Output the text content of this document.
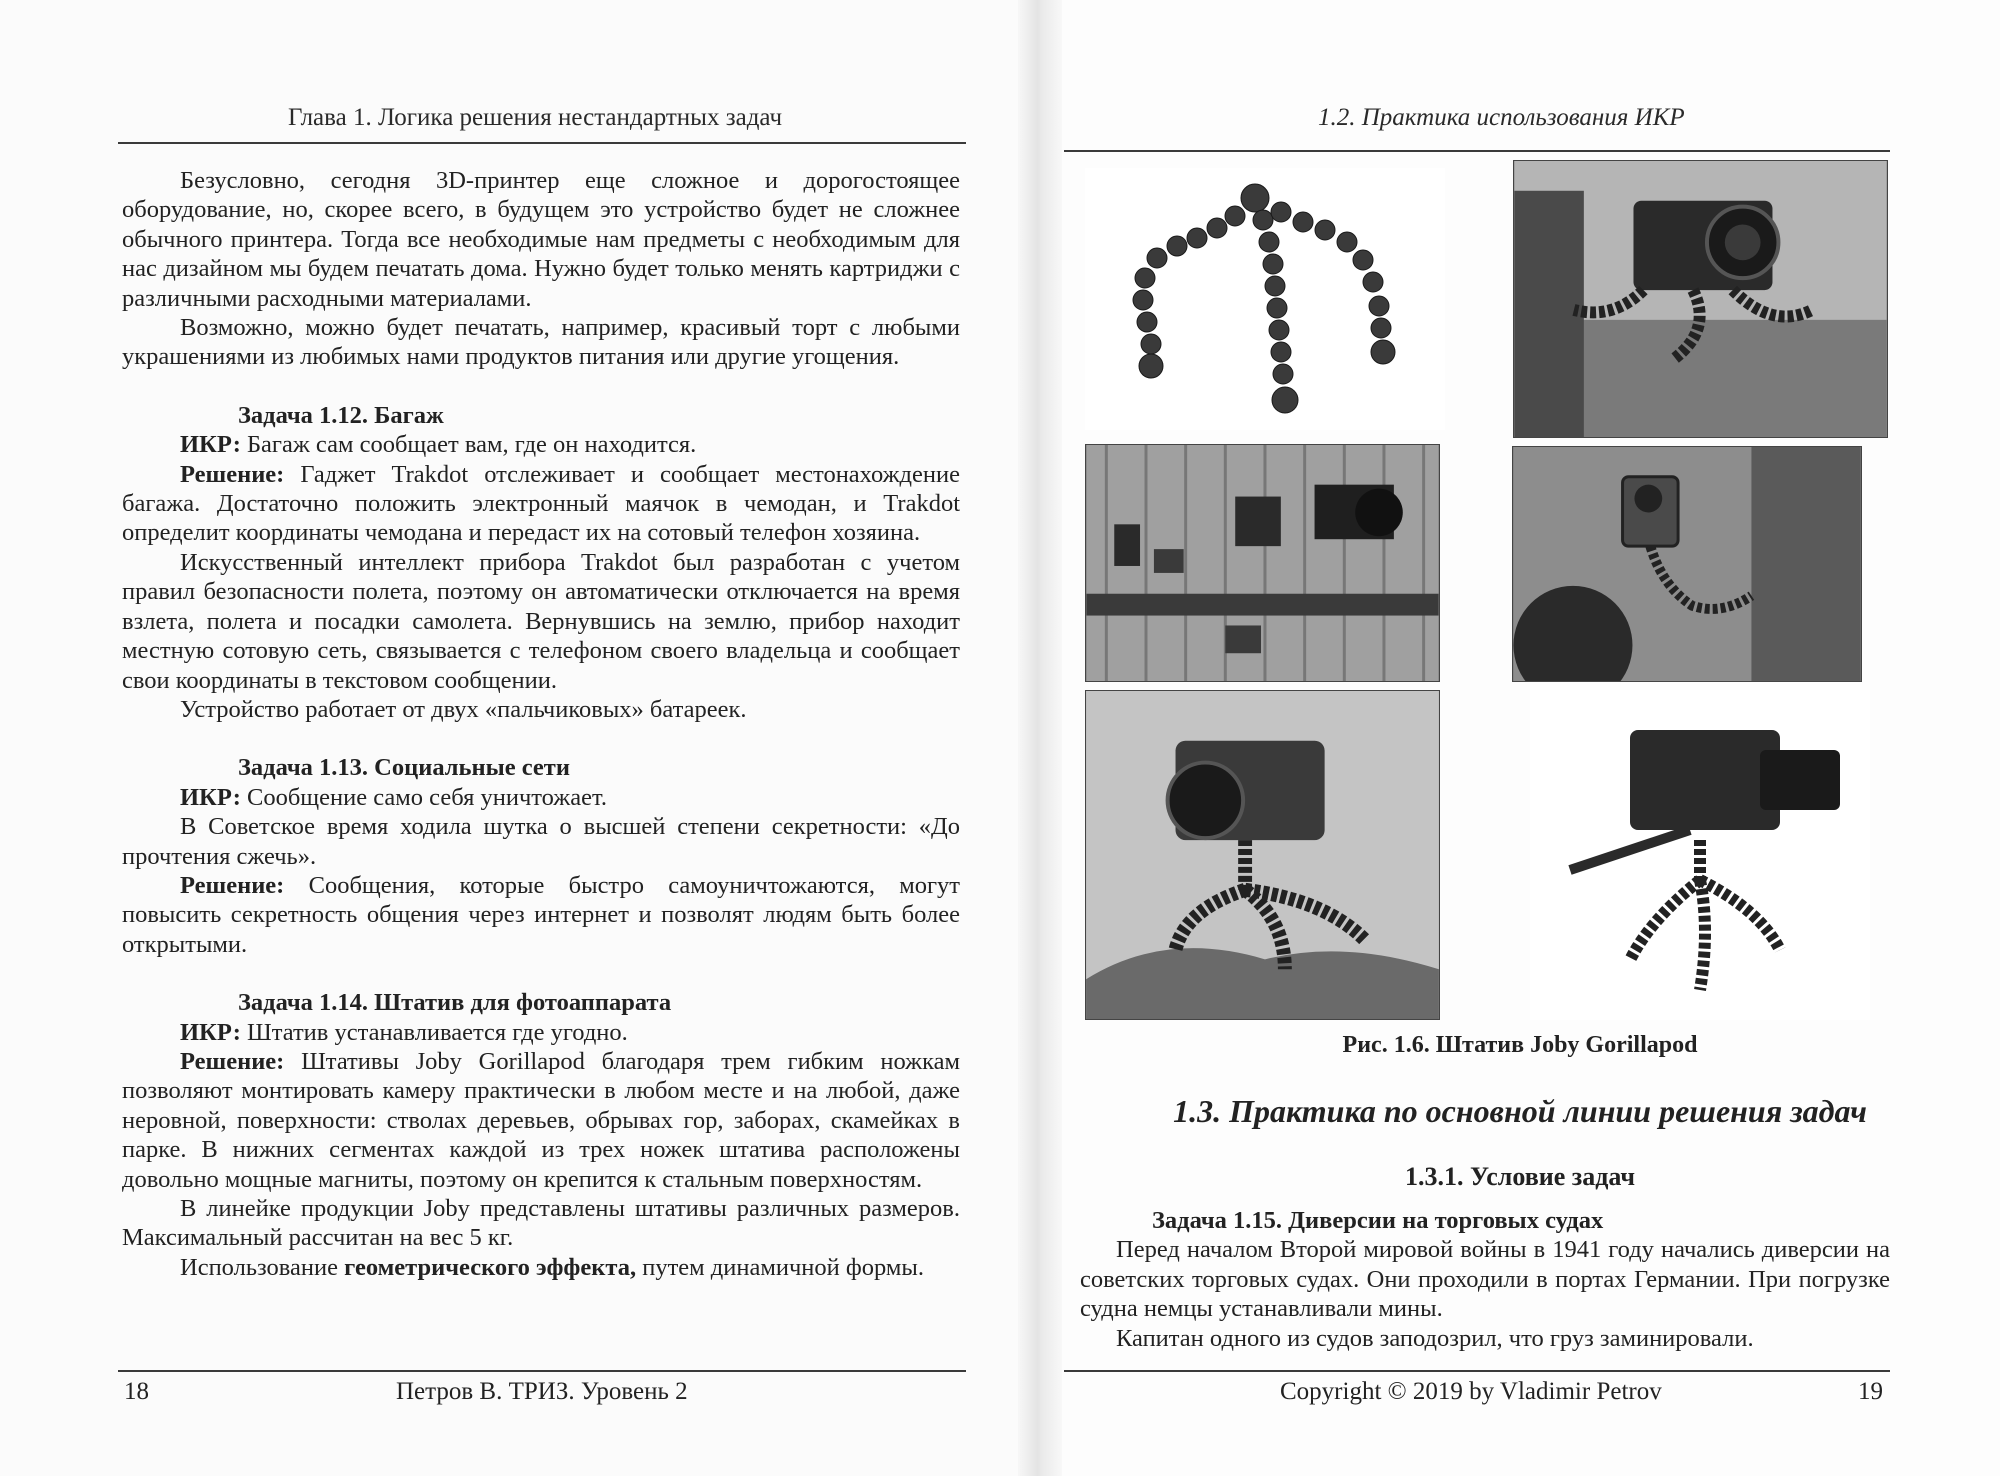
Глава 1. Логика решения нестандартных задач

Безусловно, сегодня 3D-принтер еще сложное и дорогостоящее оборудование, но, скорее всего, в будущем это устройство будет не сложнее обычного принтера. Тогда все необходимые нам предметы с необходимым для нас дизайном мы будем печатать дома. Нужно будет только менять картриджи с различными расходными материалами.

Возможно, можно будет печатать, например, красивый торт с любыми украшениями из любимых нами продуктов питания или другие угощения.

Задача 1.12. Багаж

ИКР: Багаж сам сообщает вам, где он находится.

Решение: Гаджет Trakdot отслеживает и сообщает местонахождение багажа. Достаточно положить электронный маячок в чемодан, и Trakdot определит координаты чемодана и передаст их на сотовый телефон хозяина.

Искусственный интеллект прибора Trakdot был разработан с учетом правил безопасности полета, поэтому он автоматически отключается на время взлета, полета и посадки самолета. Вернувшись на землю, прибор находит местную сотовую сеть, связывается с телефоном своего владельца и сообщает свои координаты в текстовом сообщении.

Устройство работает от двух «пальчиковых» батареек.

Задача 1.13. Социальные сети

ИКР: Сообщение само себя уничтожает.

В Советское время ходила шутка о высшей степени секретности: «До прочтения сжечь».

Решение: Сообщения, которые быстро самоуничтожаются, могут повысить секретность общения через интернет и позволят людям быть более открытыми.

Задача 1.14. Штатив для фотоаппарата

ИКР: Штатив устанавливается где угодно.

Решение: Штативы Joby Gorillapod благодаря трем гибким ножкам позволяют монтировать камеру практически в любом месте и на любой, даже неровной, поверхности: стволах деревьев, обрывах гор, заборах, скамейках в парке. В нижних сегментах каждой из трех ножек штатива расположены довольно мощные магниты, поэтому он крепится к стальным поверхностям.

В линейке продукции Joby представлены штативы различных размеров. Максимальный рассчитан на вес 5 кг.

Использование геометрического эффекта, путем динамичной формы.

18	Петров В. ТРИЗ. Уровень 2
1.2. Практика использования ИКР
Рис. 1.6. Штатив Joby Gorillapod
1.3. Практика по основной линии решения задач
1.3.1. Условие задач

Задача 1.15. Диверсии на торговых судах

Перед началом Второй мировой войны в 1941 году начались диверсии на советских торговых судах. Они проходили в портах Германии. При погрузке судна немцы устанавливали мины.

Капитан одного из судов заподозрил, что груз заминировали.

Copyright © 2019 by Vladimir Petrov	19
